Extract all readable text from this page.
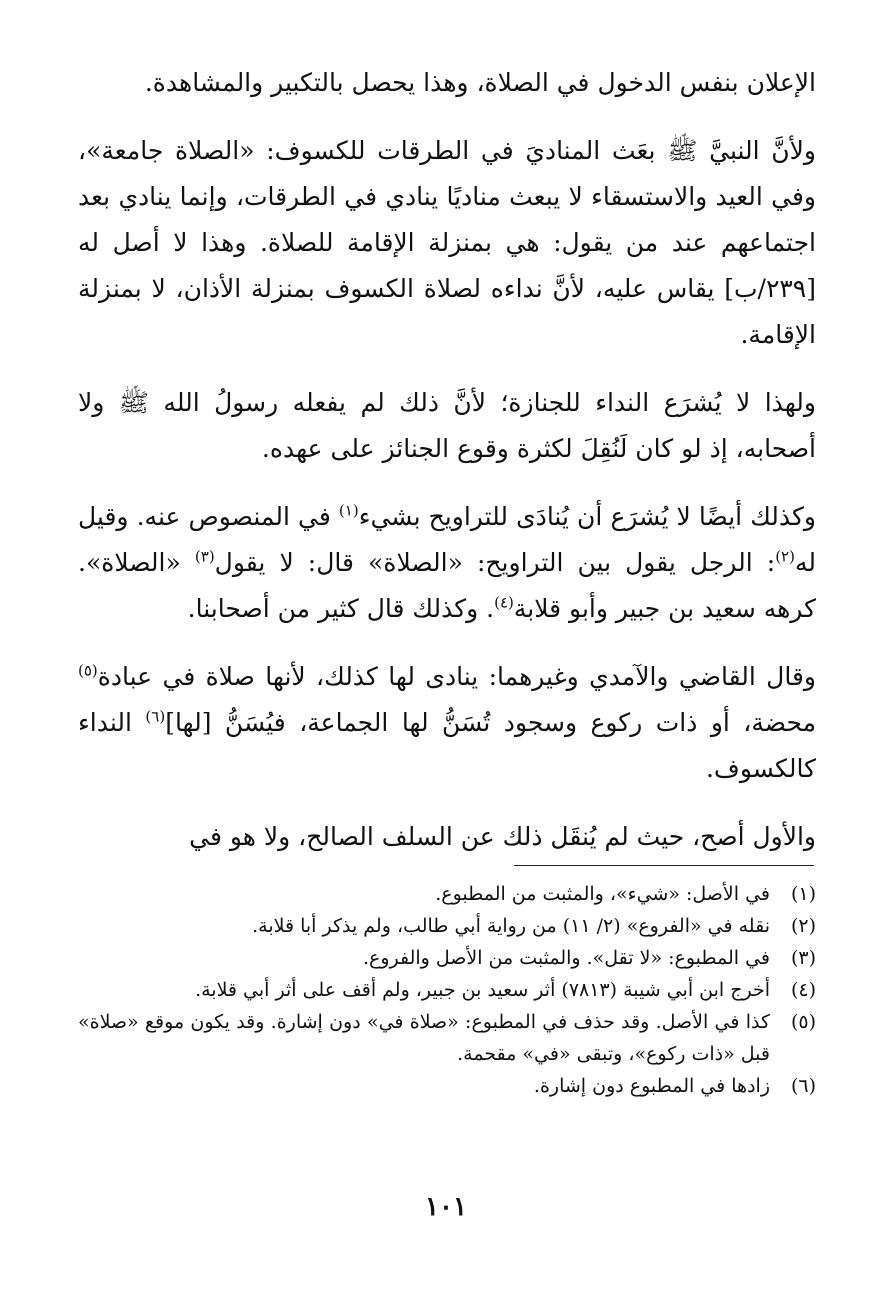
الإعلان بنفس الدخول في الصلاة، وهذا يحصل بالتكبير والمشاهدة.

ولأنَّ النبيَّ ﷺ بعَث المناديَ في الطرقات للكسوف: «الصلاة جامعة»، وفي العيد والاستسقاء لا يبعث مناديًا ينادي في الطرقات، وإنما ينادي بعد اجتماعهم عند من يقول: هي بمنزلة الإقامة للصلاة. وهذا لا أصل له [٢٣٩/ب] يقاس عليه، لأنَّ نداءه لصلاة الكسوف بمنزلة الأذان، لا بمنزلة الإقامة.

ولهذا لا يُشرَع النداء للجنازة؛ لأنَّ ذلك لم يفعله رسولُ الله ﷺ ولا أصحابه، إذ لو كان لَنُقِلَ لكثرة وقوع الجنائز على عهده.

وكذلك أيضًا لا يُشرَع أن يُنادَى للتراويح بشيء$^{(١)}$ في المنصوص عنه. وقيل له$^{(٢)}$: الرجل يقول بين التراويح: «الصلاة» قال: لا يقول$^{(٣)}$ «الصلاة». كرهه سعيد بن جبير وأبو قلابة$^{(٤)}$. وكذلك قال كثير من أصحابنا.

وقال القاضي والآمدي وغيرهما: ينادى لها كذلك، لأنها صلاة في عبادة$^{(٥)}$ محضة، أو ذات ركوع وسجود تُسَنُّ لها الجماعة، فيُسَنُّ [لها]$^{(٦)}$ النداء كالكسوف.

والأول أصح، حيث لم يُنقَل ذلك عن السلف الصالح، ولا هو في

(١)
في الأصل: «شيء»، والمثبت من المطبوع.
(٢)
نقله في «الفروع» (٢/ ١١) من رواية أبي طالب، ولم يذكر أبا قلابة.
(٣)
في المطبوع: «لا تقل». والمثبت من الأصل والفروع.
(٤)
أخرج ابن أبي شيبة (٧٨١٣) أثر سعيد بن جبير، ولم أقف على أثر أبي قلابة.
(٥)
كذا في الأصل. وقد حذف في المطبوع: «صلاة في» دون إشارة. وقد يكون موقع «صلاة» قبل «ذات ركوع»، وتبقى «في» مقحمة.
(٦)
زادها في المطبوع دون إشارة.
١٠١
